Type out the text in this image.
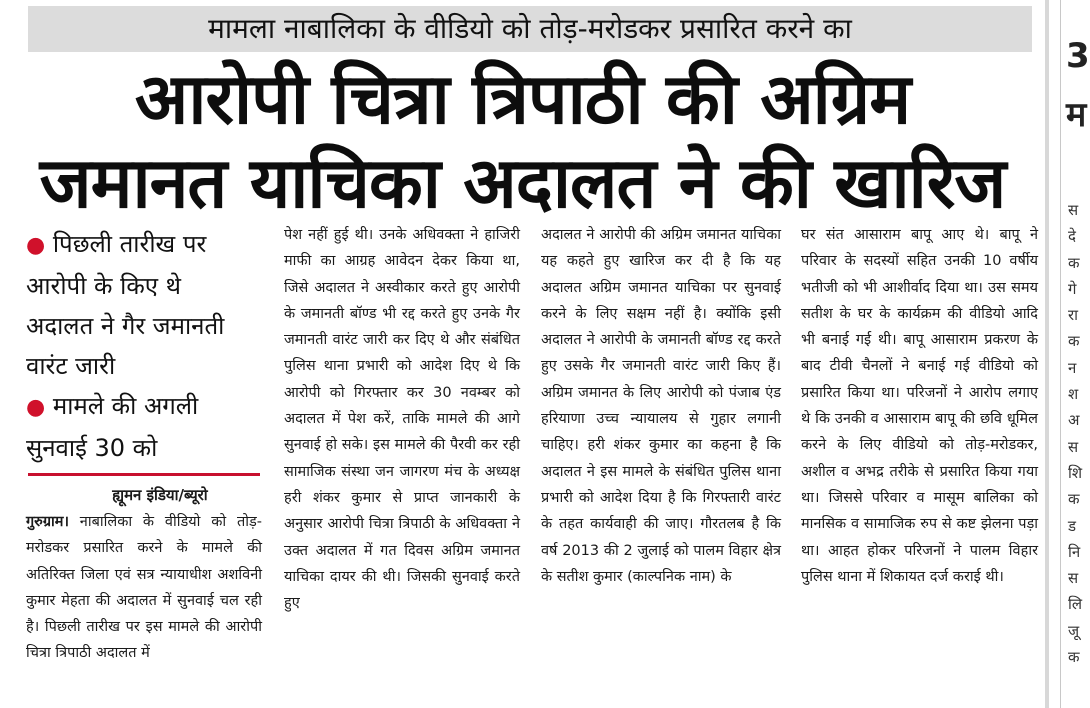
मामला नाबालिका के वीडियो को तोड़-मरोडकर प्रसारित करने का
आरोपी चित्रा त्रिपाठी की अग्रिम
जमानत याचिका अदालत ने की खारिज

● पिछली तारीख पर

आरोपी के किए थे

अदालत ने गैर जमानती

वारंट जारी

● मामले की अगली

सुनवाई 30 को

ह्यूमन इंडिया/ब्यूरो
गुरुग्राम। नाबालिका के वीडियो को तोड़-मरोडकर प्रसारित करने के मामले की अतिरिक्त जिला एवं सत्र न्यायाधीश अशविनी कुमार मेहता की अदालत में सुनवाई चल रही है। पिछली तारीख पर इस मामले की आरोपी चित्रा त्रिपाठी अदालत में
पेश नहीं हुई थी। उनके अधिवक्ता ने हाजिरी माफी का आग्रह आवेदन देकर किया था, जिसे अदालत ने अस्वीकार करते हुए आरोपी के जमानती बॉण्ड भी रद्द करते हुए उनके गैर जमानती वारंट जारी कर दिए थे और संबंधित पुलिस थाना प्रभारी को आदेश दिए थे कि आरोपी को गिरफ्तार कर 30 नवम्बर को अदालत में पेश करें, ताकि मामले की आगे सुनवाई हो सके। इस मामले की पैरवी कर रही सामाजिक संस्था जन जागरण मंच के अध्यक्ष हरी शंकर कुमार से प्राप्त जानकारी के अनुसार आरोपी चित्रा त्रिपाठी के अधिवक्ता ने उक्त अदालत में गत दिवस अग्रिम जमानत याचिका दायर की थी। जिसकी सुनवाई करते हुए
अदालत ने आरोपी की अग्रिम जमानत याचिका यह कहते हुए खारिज कर दी है कि यह अदालत अग्रिम जमानत याचिका पर सुनवाई करने के लिए सक्षम नहीं है। क्योंकि इसी अदालत ने आरोपी के जमानती बॉण्ड रद्द करते हुए उसके गैर जमानती वारंट जारी किए हैं। अग्रिम जमानत के लिए आरोपी को पंजाब एंड हरियाणा उच्च न्यायालय से गुहार लगानी चाहिए। हरी शंकर कुमार का कहना है कि अदालत ने इस मामले के संबंधित पुलिस थाना प्रभारी को आदेश दिया है कि गिरफ्तारी वारंट के तहत कार्यवाही की जाए। गौरतलब है कि वर्ष 2013 की 2 जुलाई को पालम विहार क्षेत्र के सतीश कुमार (काल्पनिक नाम) के
घर संत आसाराम बापू आए थे। बापू ने परिवार के सदस्यों सहित उनकी 10 वर्षीय भतीजी को भी आशीर्वाद दिया था। उस समय सतीश के घर के कार्यक्रम की वीडियो आदि भी बनाई गई थी। बापू आसाराम प्रकरण के बाद टीवी चैनलों ने बनाई गई वीडियो को प्रसारित किया था। परिजनों ने आरोप लगाए थे कि उनकी व आसाराम बापू की छवि धूमिल करने के लिए वीडियो को तोड़-मरोडकर, अशील व अभद्र तरीके से प्रसारित किया गया था। जिससे परिवार व मासूम बालिका को मानसिक व सामाजिक रुप से कष्ट झेलना पड़ा था। आहत होकर परिजनों ने पालम विहार पुलिस थाना में शिकायत दर्ज कराई थी।
3
म
स
दे
क
गे
रा
क
न
श
अ
स
शि
क
ड
नि
स
लि
जू
क
